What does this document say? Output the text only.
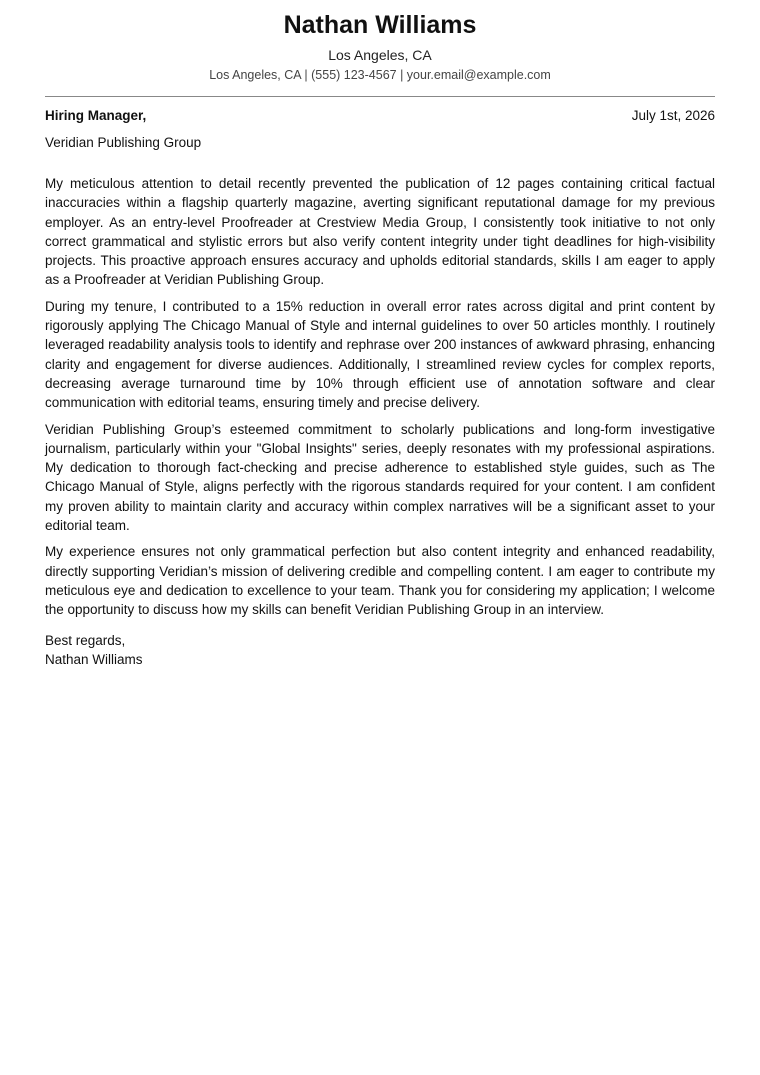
Nathan Williams
Los Angeles, CA
Los Angeles, CA | (555) 123-4567 | your.email@example.com
Hiring Manager,	July 1st, 2026
Veridian Publishing Group

My meticulous attention to detail recently prevented the publication of 12 pages containing critical factual inaccuracies within a flagship quarterly magazine, averting significant reputational damage for my previous employer. As an entry-level Proofreader at Crestview Media Group, I consistently took initiative to not only correct grammatical and stylistic errors but also verify content integrity under tight deadlines for high-visibility projects. This proactive approach ensures accuracy and upholds editorial standards, skills I am eager to apply as a Proofreader at Veridian Publishing Group.

During my tenure, I contributed to a 15% reduction in overall error rates across digital and print content by rigorously applying The Chicago Manual of Style and internal guidelines to over 50 articles monthly. I routinely leveraged readability analysis tools to identify and rephrase over 200 instances of awkward phrasing, enhancing clarity and engagement for diverse audiences. Additionally, I streamlined review cycles for complex reports, decreasing average turnaround time by 10% through efficient use of annotation software and clear communication with editorial teams, ensuring timely and precise delivery.

Veridian Publishing Group’s esteemed commitment to scholarly publications and long-form investigative journalism, particularly within your "Global Insights" series, deeply resonates with my professional aspirations. My dedication to thorough fact-checking and precise adherence to established style guides, such as The Chicago Manual of Style, aligns perfectly with the rigorous standards required for your content. I am confident my proven ability to maintain clarity and accuracy within complex narratives will be a significant asset to your editorial team.

My experience ensures not only grammatical perfection but also content integrity and enhanced readability, directly supporting Veridian’s mission of delivering credible and compelling content. I am eager to contribute my meticulous eye and dedication to excellence to your team. Thank you for considering my application; I welcome the opportunity to discuss how my skills can benefit Veridian Publishing Group in an interview.

Best regards,
Nathan Williams
